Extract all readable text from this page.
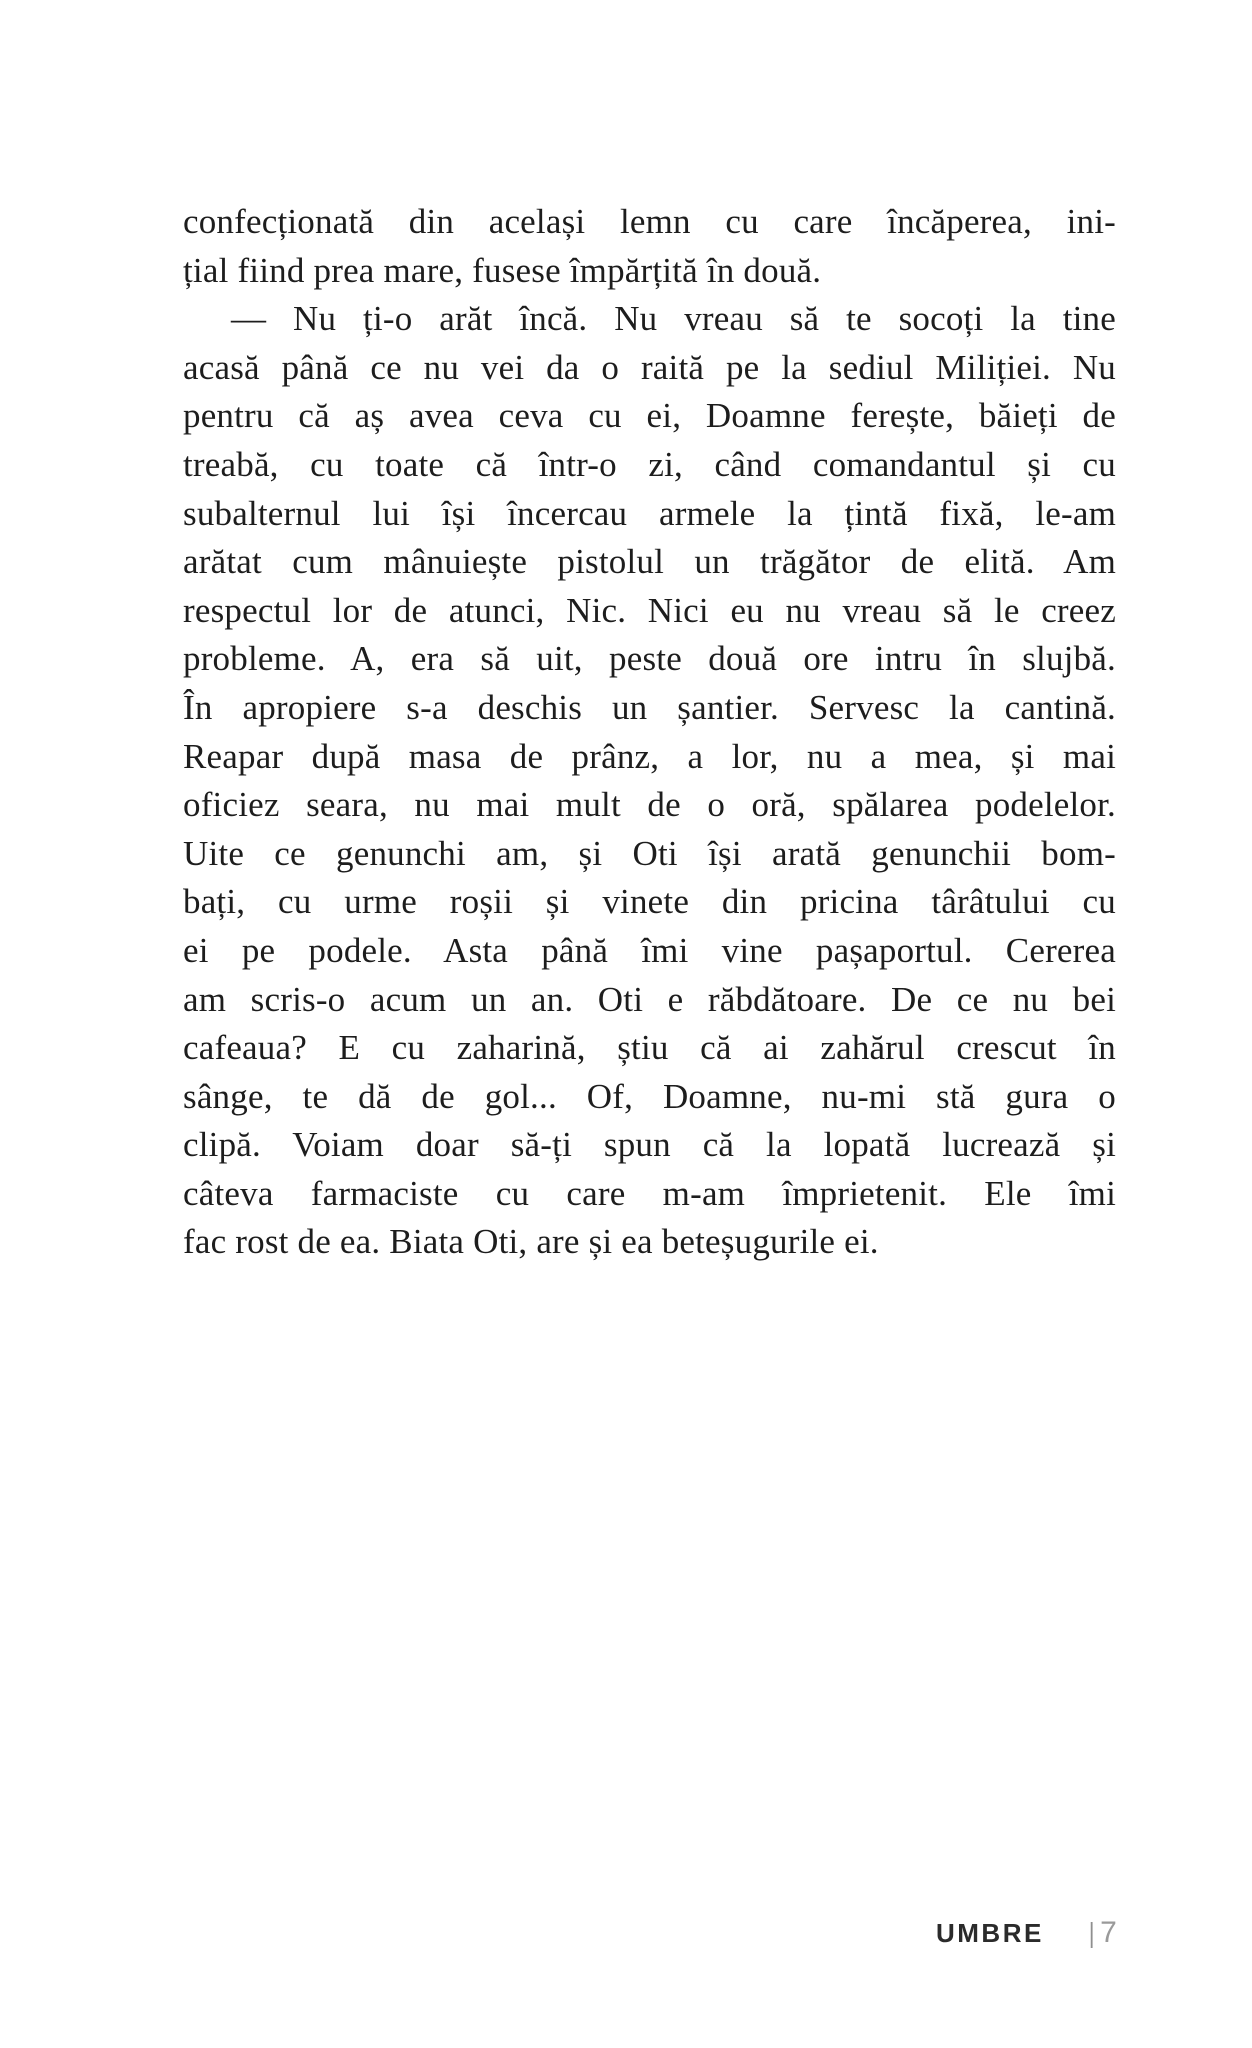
confecționată din același lemn cu care încăperea, ini-
țial fiind prea mare, fusese împărțită în două.
— Nu ți-o arăt încă. Nu vreau să te socoți la tine
acasă până ce nu vei da o raită pe la sediul Miliției. Nu
pentru că aș avea ceva cu ei, Doamne ferește, băieți de
treabă, cu toate că într-o zi, când comandantul și cu
subalternul lui își încercau armele la țintă fixă, le-am
arătat cum mânuiește pistolul un trăgător de elită. Am
respectul lor de atunci, Nic. Nici eu nu vreau să le creez
probleme. A, era să uit, peste două ore intru în slujbă.
În apropiere s-a deschis un șantier. Servesc la cantină.
Reapar după masa de prânz, a lor, nu a mea, și mai
oficiez seara, nu mai mult de o oră, spălarea podelelor.
Uite ce genunchi am, și Oti își arată genunchii bom-
bați, cu urme roșii și vinete din pricina târâtului cu
ei pe podele. Asta până îmi vine pașaportul. Cererea
am scris-o acum un an. Oti e răbdătoare. De ce nu bei
cafeaua? E cu zaharină, știu că ai zahărul crescut în
sânge, te dă de gol... Of, Doamne, nu-mi stă gura o
clipă. Voiam doar să-ți spun că la lopată lucrează și
câteva farmaciste cu care m-am împrietenit. Ele îmi
fac rost de ea. Biata Oti, are și ea beteșugurile ei.
UMBRE | 7
